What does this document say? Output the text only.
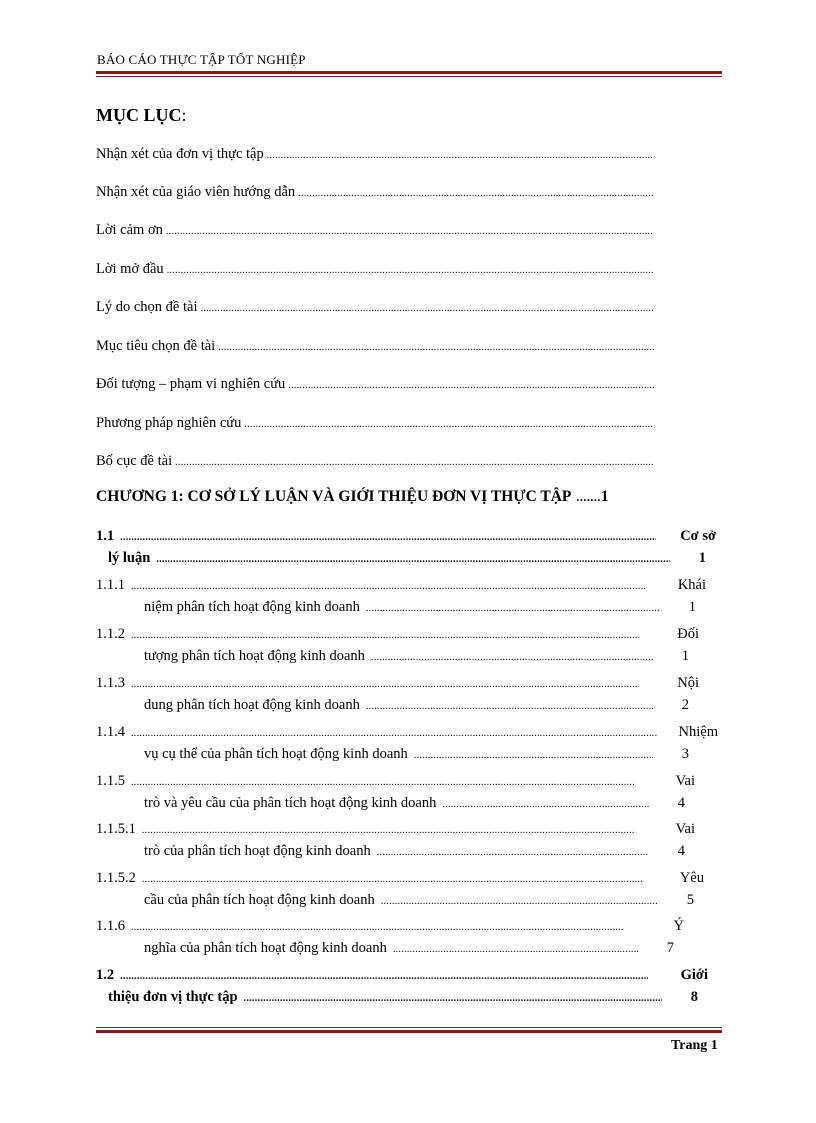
BÁO CÁO THỰC TẬP TỐT NGHIỆP
MỤC LỤC:
Nhận xét của đơn vị thực tập
.....
Nhận xét của giáo viên hướng dẫn
.....
Lời cảm ơn
.....
Lời mở đầu
.....
Lý do chọn đề tài
.....
Mục tiêu chọn đề tài
.....
Đối tượng – phạm vi nghiên cứu
.....
Phương pháp nghiên cứu
.....
Bố cục đề tài
.....
CHƯƠNG 1: CƠ SỞ LÝ LUẬN VÀ GIỚI THIỆU ĐƠN VỊ THỰC TẬP ....... 1
1.1 .....	Cơ sở
lý luận .....	1
1.1.1 .....	Khái
niệm phân tích hoạt động kinh doanh .....	1
1.1.2 .....	Đối
tượng phân tích hoạt động kinh doanh .....	1
1.1.3 .....	Nội
dung phân tích hoạt động kinh doanh .....	2
1.1.4 .....	Nhiệm
vụ cụ thể của phân tích hoạt động kinh doanh .....	3
1.1.5 .....	Vai
trò và yêu cầu của phân tích hoạt động kinh doanh .....	4
1.1.5.1 .....	Vai
trò của phân tích hoạt động kinh doanh .....	4
1.1.5.2 .....	Yêu
cầu của phân tích hoạt động kinh doanh .....	5
1.1.6 .....	Ý
nghĩa của phân tích hoạt động kinh doanh .....	7
1.2 .....	Giới
thiệu đơn vị thực tập .....	8
Trang 1
